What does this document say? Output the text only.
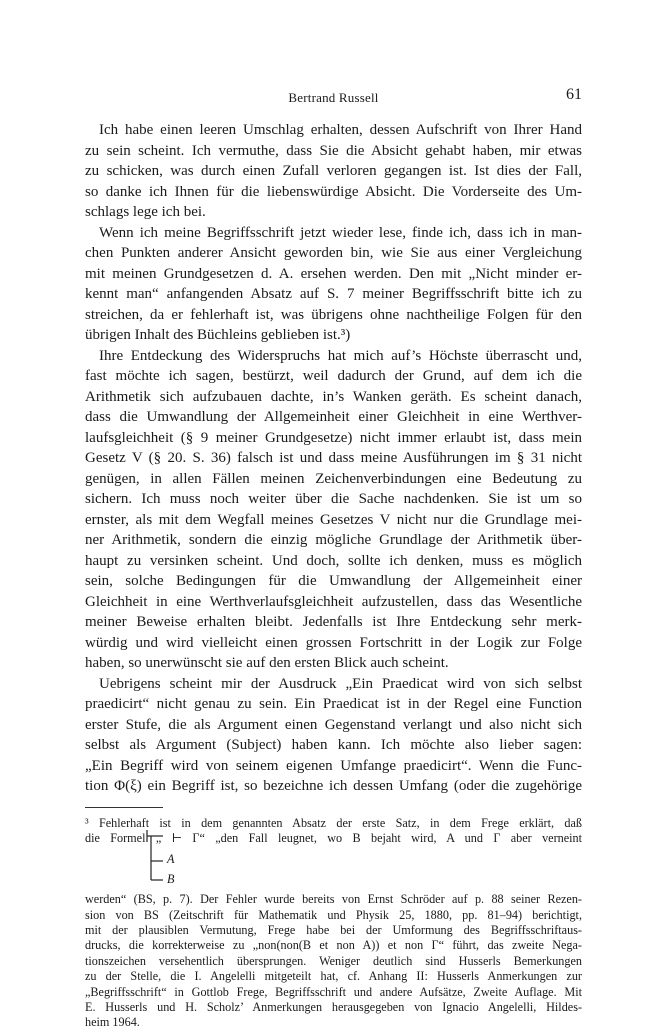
Bertrand Russell	61
Ich habe einen leeren Umschlag erhalten, dessen Aufschrift von Ihrer Hand
zu sein scheint. Ich vermuthe, dass Sie die Absicht gehabt haben, mir etwas
zu schicken, was durch einen Zufall verloren gegangen ist. Ist dies der Fall,
so danke ich Ihnen für die liebenswürdige Absicht. Die Vorderseite des Um-
schlags lege ich bei.
Wenn ich meine Begriffsschrift jetzt wieder lese, finde ich, dass ich in man-
chen Punkten anderer Ansicht geworden bin, wie Sie aus einer Vergleichung
mit meinen Grundgesetzen d. A. ersehen werden. Den mit „Nicht minder er-
kennt man“ anfangenden Absatz auf S. 7 meiner Begriffsschrift bitte ich zu
streichen, da er fehlerhaft ist, was übrigens ohne nachtheilige Folgen für den
übrigen Inhalt des Büchleins geblieben ist.³)
Ihre Entdeckung des Widerspruchs hat mich auf’s Höchste überrascht und,
fast möchte ich sagen, bestürzt, weil dadurch der Grund, auf dem ich die
Arithmetik sich aufzubauen dachte, in’s Wanken geräth. Es scheint danach,
dass die Umwandlung der Allgemeinheit einer Gleichheit in eine Werthver-
laufsgleichheit (§ 9 meiner Grundgesetze) nicht immer erlaubt ist, dass mein
Gesetz V (§ 20. S. 36) falsch ist und dass meine Ausführungen im § 31 nicht
genügen, in allen Fällen meinen Zeichenverbindungen eine Bedeutung zu
sichern. Ich muss noch weiter über die Sache nachdenken. Sie ist um so
ernster, als mit dem Wegfall meines Gesetzes V nicht nur die Grundlage mei-
ner Arithmetik, sondern die einzig mögliche Grundlage der Arithmetik über-
haupt zu versinken scheint. Und doch, sollte ich denken, muss es möglich
sein, solche Bedingungen für die Umwandlung der Allgemeinheit einer
Gleichheit in eine Werthverlaufsgleichheit aufzustellen, dass das Wesentliche
meiner Beweise erhalten bleibt. Jedenfalls ist Ihre Entdeckung sehr merk-
würdig und wird vielleicht einen grossen Fortschritt in der Logik zur Folge
haben, so unerwünscht sie auf den ersten Blick auch scheint.
Uebrigens scheint mir der Ausdruck „Ein Praedicat wird von sich selbst
praedicirt“ nicht genau zu sein. Ein Praedicat ist in der Regel eine Function
erster Stufe, die als Argument einen Gegenstand verlangt und also nicht sich
selbst als Argument (Subject) haben kann. Ich möchte also lieber sagen:
„Ein Begriff wird von seinem eigenen Umfange praedicirt“. Wenn die Func-
tion Φ(ξ) ein Begriff ist, so bezeichne ich dessen Umfang (oder die zugehörige
³ Fehlerhaft ist in dem genannten Absatz der erste Satz, in dem Frege erklärt, daß
die Formel „ ⊢ Γ“ „den Fall leugnet, wo B bejaht wird, A und Γ aber verneint
A
B
werden“ (BS, p. 7). Der Fehler wurde bereits von Ernst Schröder auf p. 88 seiner Rezen-
sion von BS (Zeitschrift für Mathematik und Physik 25, 1880, pp. 81–94) berichtigt,
mit der plausiblen Vermutung, Frege habe bei der Umformung des Begriffsschriftaus-
drucks, die korrekterweise zu „non(non(B et non A)) et non Γ“ führt, das zweite Nega-
tionszeichen versehentlich übersprungen. Weniger deutlich sind Husserls Bemerkungen
zu der Stelle, die I. Angelelli mitgeteilt hat, cf. Anhang II: Husserls Anmerkungen zur
„Begriffsschrift“ in Gottlob Frege, Begriffsschrift und andere Aufsätze, Zweite Auflage. Mit
E. Husserls und H. Scholz’ Anmerkungen herausgegeben von Ignacio Angelelli, Hildes-
heim 1964.
